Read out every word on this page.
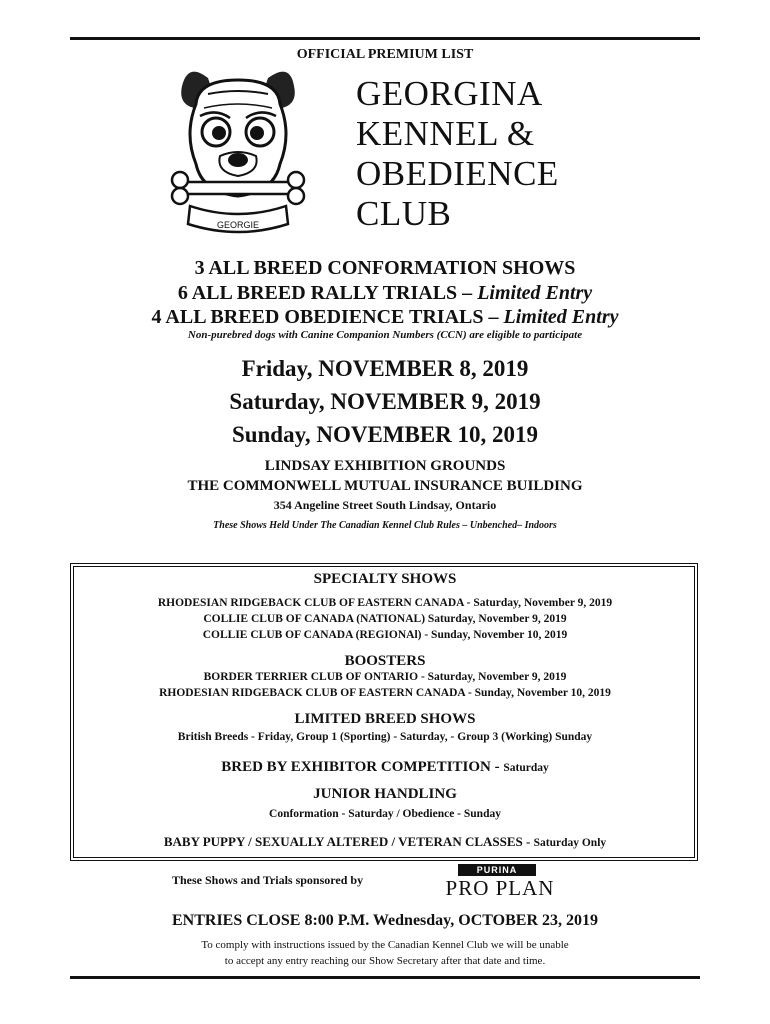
OFFICIAL PREMIUM LIST
GEORGIE
GEORGINA
KENNEL &
OBEDIENCE
CLUB
3 ALL BREED CONFORMATION SHOWS
6 ALL BREED RALLY TRIALS – Limited Entry
4 ALL BREED OBEDIENCE TRIALS – Limited Entry
Non-purebred dogs with Canine Companion Numbers (CCN) are eligible to participate
Friday, NOVEMBER 8, 2019
Saturday, NOVEMBER 9, 2019
Sunday, NOVEMBER 10, 2019
LINDSAY EXHIBITION GROUNDS
THE COMMONWELL MUTUAL INSURANCE BUILDING
354 Angeline Street South Lindsay, Ontario
These Shows Held Under The Canadian Kennel Club Rules – Unbenched– Indoors
SPECIALTY SHOWS
RHODESIAN RIDGEBACK CLUB OF EASTERN CANADA - Saturday, November 9, 2019
COLLIE CLUB OF CANADA (NATIONAL) Saturday, November 9, 2019
COLLIE CLUB OF CANADA (REGIONAl) - Sunday, November 10, 2019
BOOSTERS
BORDER TERRIER CLUB OF ONTARIO - Saturday, November 9, 2019
RHODESIAN RIDGEBACK CLUB OF EASTERN CANADA - Sunday, November 10, 2019
LIMITED BREED SHOWS
British Breeds - Friday, Group 1 (Sporting) - Saturday, - Group 3 (Working) Sunday
BRED BY EXHIBITOR COMPETITION - Saturday
JUNIOR HANDLING
Conformation - Saturday / Obedience - Sunday
BABY PUPPY / SEXUALLY ALTERED / VETERAN CLASSES - Saturday Only
These Shows and Trials sponsored by
PURINA
PRO PLAN
ENTRIES CLOSE 8:00 P.M. Wednesday, OCTOBER 23, 2019
To comply with instructions issued by the Canadian Kennel Club we will be unable
to accept any entry reaching our Show Secretary after that date and time.
